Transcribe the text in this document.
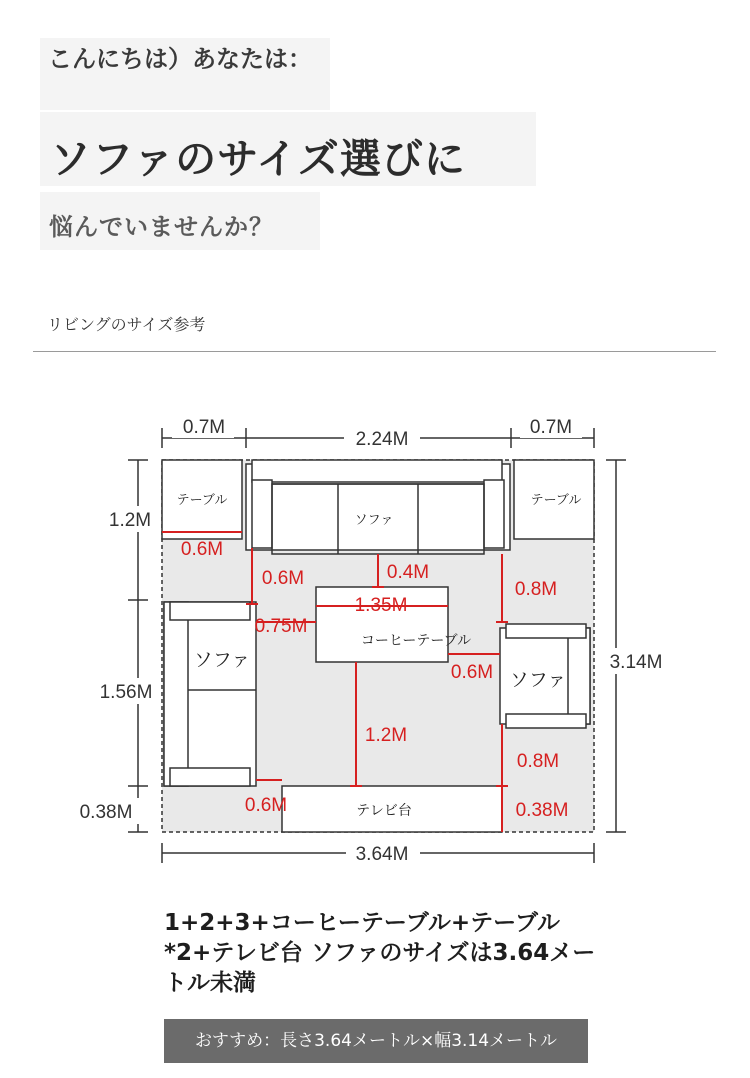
こんにちは）あなたは：
ソファのサイズ選びに
悩んでいませんか？
リビングのサイズ参考
0.7M
2.24M
0.7M
1.2M
1.56M
0.38M
3.14M
3.64M
テーブル	テーブル
ソファ
ソファ
ソファ
コーヒーテーブル
テレビ台
0.6M
0.6M	0.4M
1.35M
0.75M
0.8M
0.6M
1.2M
0.8M
0.6M	0.38M
1+2+3+コーヒーテーブル+テーブル*2+テレビ台 ソファのサイズは3.64メートル未満
おすすめ：長さ3.64メートル×幅3.14メートル
